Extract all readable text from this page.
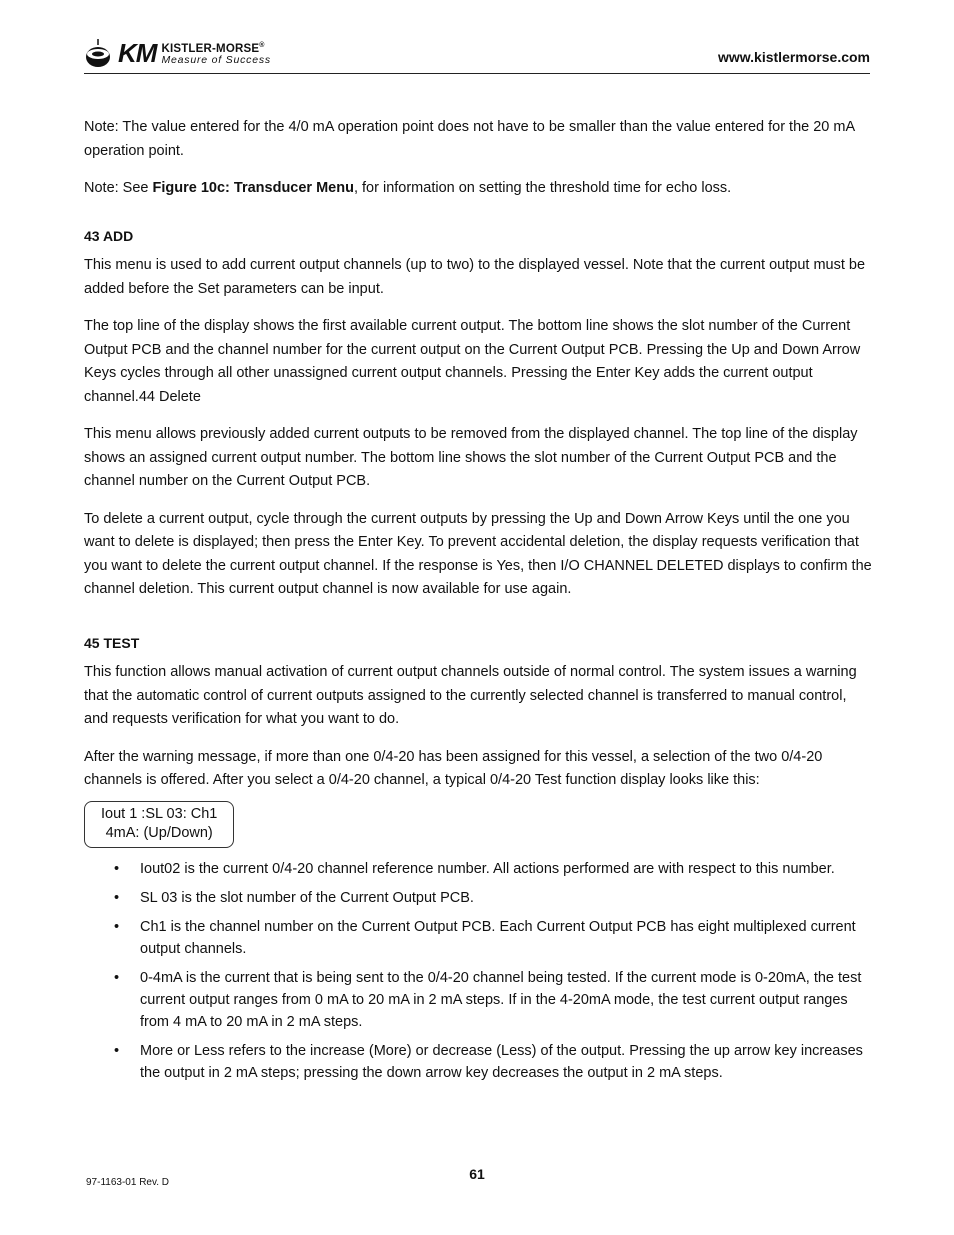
KM KISTLER-MORSE®
Measure of Success	www.kistlermorse.com

Note: The value entered for the 4/0 mA operation point does not have to be smaller than the value entered for the 20 mA operation point.

Note: See Figure 10c: Transducer Menu, for information on setting the threshold time for echo loss.

43 ADD

This menu is used to add current output channels (up to two) to the displayed vessel. Note that the current output must be added before the Set parameters can be input.

The top line of the display shows the first available current output. The bottom line shows the slot number of the Current Output PCB and the channel number for the current output on the Current Output PCB. Pressing the Up and Down Arrow Keys cycles through all other unassigned current output channels. Pressing the Enter Key adds the current output channel.44 Delete

This menu allows previously added current outputs to be removed from the displayed channel. The top line of the display shows an assigned current output number. The bottom line shows the slot number of the Current Output PCB and the channel number on the Current Output PCB.

To delete a current output, cycle through the current outputs by pressing the Up and Down Arrow Keys until the one you want to delete is displayed; then press the Enter Key. To prevent accidental deletion, the display requests verification that you want to delete the current output channel. If the response is Yes, then I/O CHANNEL DELETED displays to confirm the channel deletion. This current output channel is now available for use again.

45 TEST

This function allows manual activation of current output channels outside of normal control. The system issues a warning that the automatic control of current outputs assigned to the currently selected channel is transferred to manual control, and requests verification for what you want to do.

After the warning message, if more than one 0/4-20 has been assigned for this vessel, a selection of the two 0/4-20 channels is offered. After you select a 0/4-20 channel, a typical 0/4-20 Test function display looks like this:

Iout 1 :SL 03: Ch1
4mA: (Up/Down)
• Iout02 is the current 0/4-20 channel reference number. All actions performed are with respect to this number.
• SL 03 is the slot number of the Current Output PCB.
• Ch1 is the channel number on the Current Output PCB. Each Current Output PCB has eight multiplexed current output channels.
• 0-4mA is the current that is being sent to the 0/4-20 channel being tested. If the current mode is 0-20mA, the test current output ranges from 0 mA to 20 mA in 2 mA steps. If in the 4-20mA mode, the test current output ranges from 4 mA to 20 mA in 2 mA steps.
• More or Less refers to the increase (More) or decrease (Less) of the output. Pressing the up arrow key increases the output in 2 mA steps; pressing the down arrow key decreases the output in 2 mA steps.
61
97-1163-01 Rev. D
